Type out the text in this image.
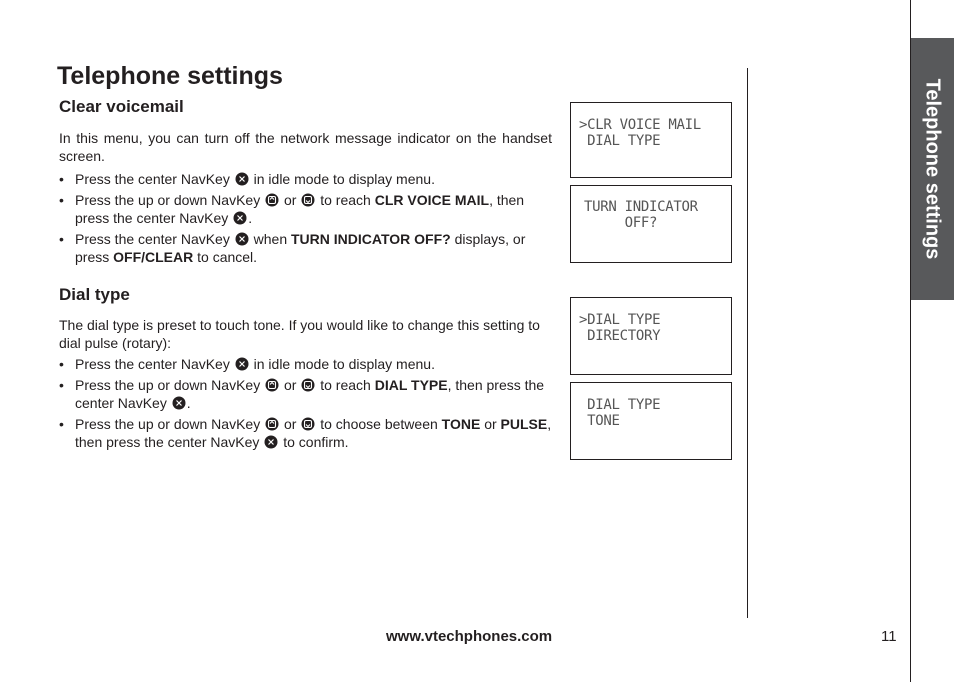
Telephone settings
Clear voicemail

In this menu, you can turn off the network message indicator on the handset screen.

• Press the center NavKey in idle mode to display menu.
• Press the up or down NavKey or to reach CLR VOICE MAIL, then press the center NavKey .
• Press the center NavKey when TURN INDICATOR OFF? displays, or press OFF/CLEAR to cancel.
Dial type

The dial type is preset to touch tone. If you would like to change this setting to dial pulse (rotary):

• Press the center NavKey in idle mode to display menu.
• Press the up or down NavKey or to reach DIAL TYPE, then press the center NavKey .
• Press the up or down NavKey or to choose between TONE or PULSE, then press the center NavKey to confirm.
>CLR VOICE MAIL
DIAL TYPE
TURN INDICATOR
OFF?
>DIAL TYPE
DIRECTORY
DIAL TYPE
TONE
Telephone settings
www.vtechphones.com	11
